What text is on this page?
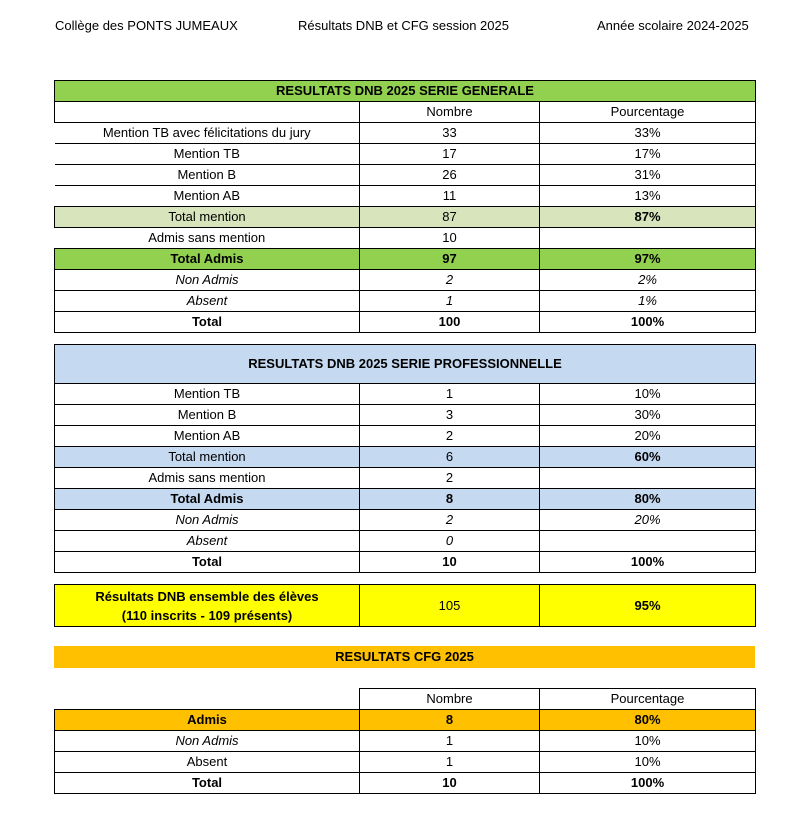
Collège des PONTS JUMEAUX	Résultats DNB et CFG session 2025	Année scolaire 2024-2025
RESULTATS DNB 2025 SERIE GENERALE		
	Nombre	Pourcentage
Mention TB avec félicitations du jury	33	33%
Mention TB	17	17%
Mention B	26	31%
Mention AB	11	13%
Total mention	87	87%
Admis sans mention	10	
Total Admis	97	97%
Non Admis	2	2%
Absent	1	1%
Total	100	100%
RESULTATS DNB 2025 SERIE PROFESSIONNELLE		
Mention TB	1	10%
Mention B	3	30%
Mention AB	2	20%
Total mention	6	60%
Admis sans mention	2	
Total Admis	8	80%
Non Admis	2	20%
Absent	0	
Total	10	100%
Résultats DNB ensemble des élèves
(110 inscrits - 109 présents)
	105	95%
RESULTATS CFG 2025
	Nombre	Pourcentage
Admis	8	80%
Non Admis	1	10%
Absent	1	10%
Total	10	100%
